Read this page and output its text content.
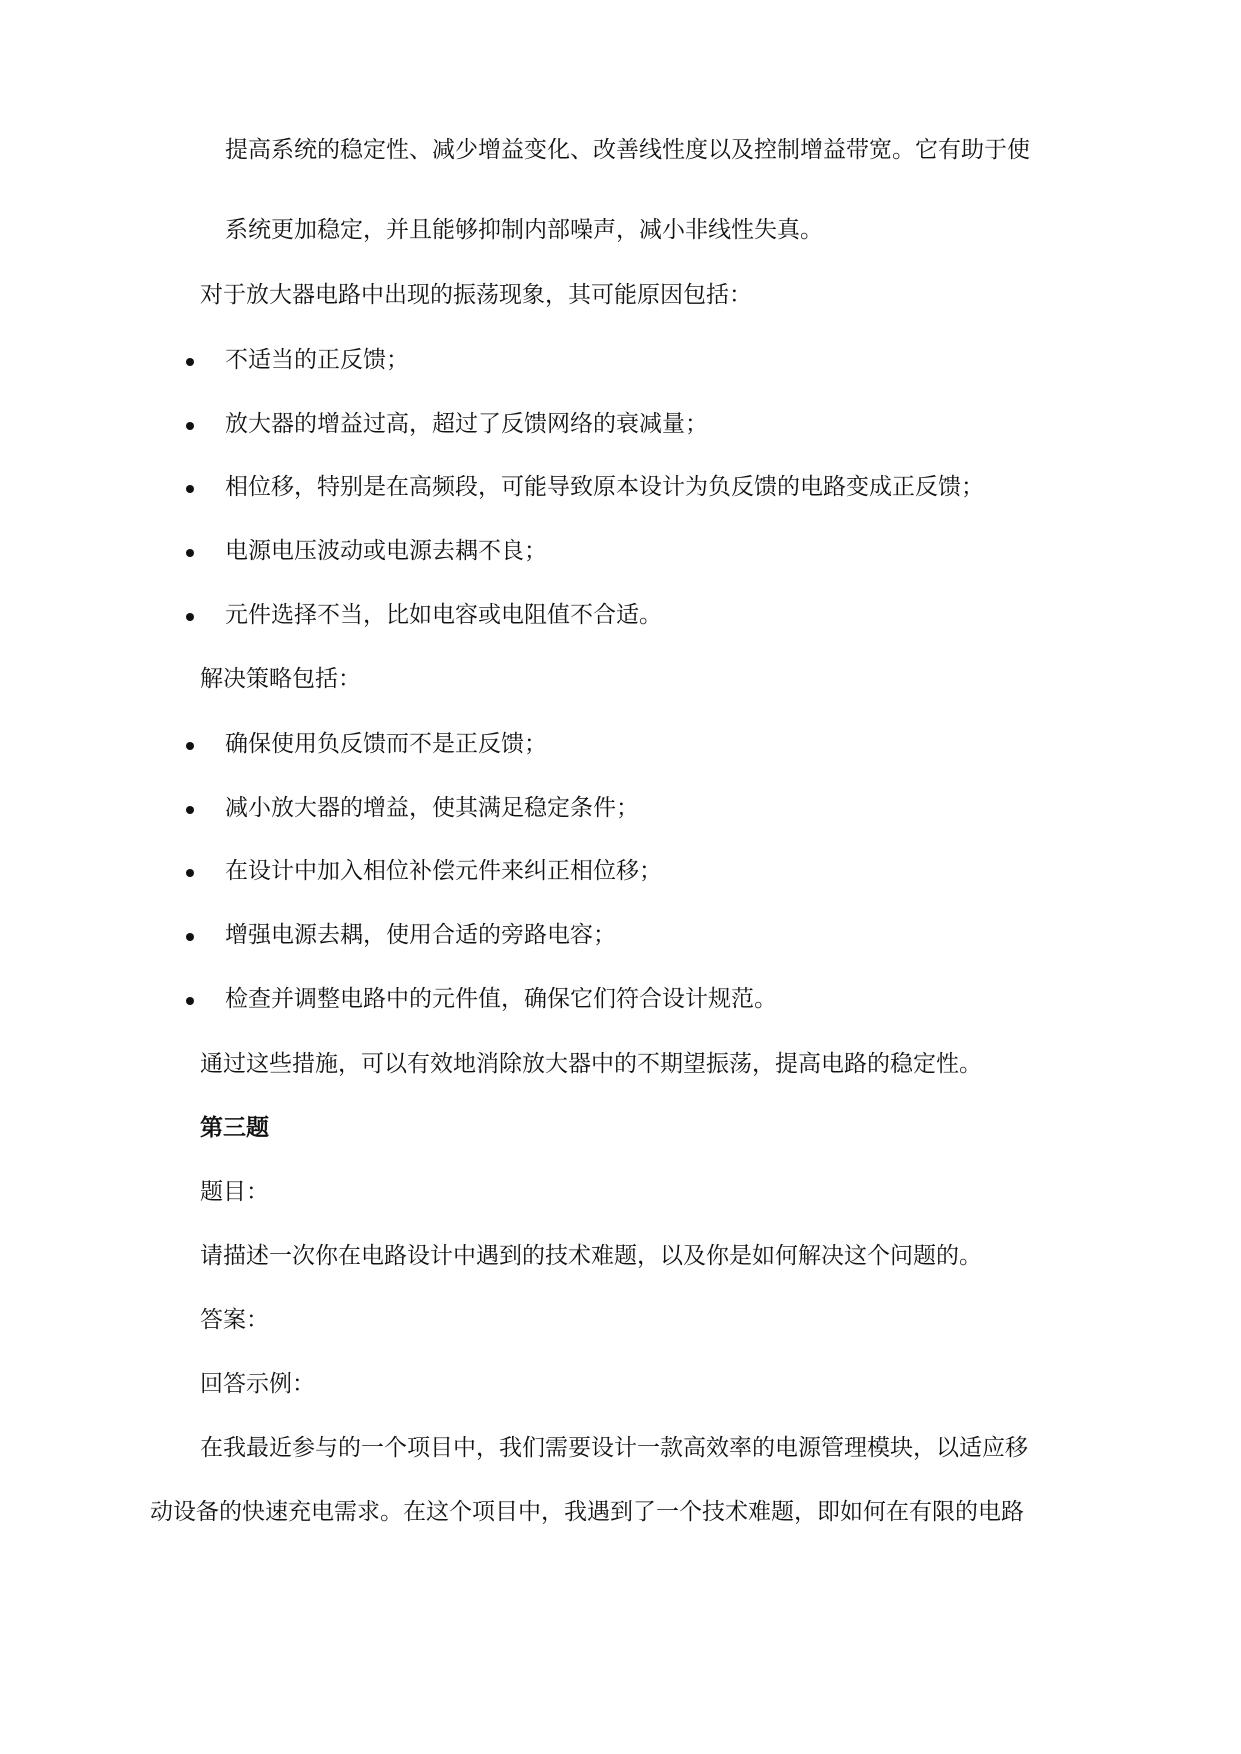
提高系统的稳定性、减少增益变化、改善线性度以及控制增益带宽。它有助于使
系统更加稳定，并且能够抑制内部噪声，减小非线性失真。
对于放大器电路中出现的振荡现象，其可能原因包括：
不适当的正反馈；
放大器的增益过高，超过了反馈网络的衰减量；
相位移，特别是在高频段，可能导致原本设计为负反馈的电路变成正反馈；
电源电压波动或电源去耦不良；
元件选择不当，比如电容或电阻值不合适。
解决策略包括：
确保使用负反馈而不是正反馈；
减小放大器的增益，使其满足稳定条件；
在设计中加入相位补偿元件来纠正相位移；
增强电源去耦，使用合适的旁路电容；
检查并调整电路中的元件值，确保它们符合设计规范。
通过这些措施，可以有效地消除放大器中的不期望振荡，提高电路的稳定性。
第三题
题目：
请描述一次你在电路设计中遇到的技术难题，以及你是如何解决这个问题的。
答案：
回答示例：
在我最近参与的一个项目中，我们需要设计一款高效率的电源管理模块，以适应移
动设备的快速充电需求。在这个项目中，我遇到了一个技术难题，即如何在有限的电路
